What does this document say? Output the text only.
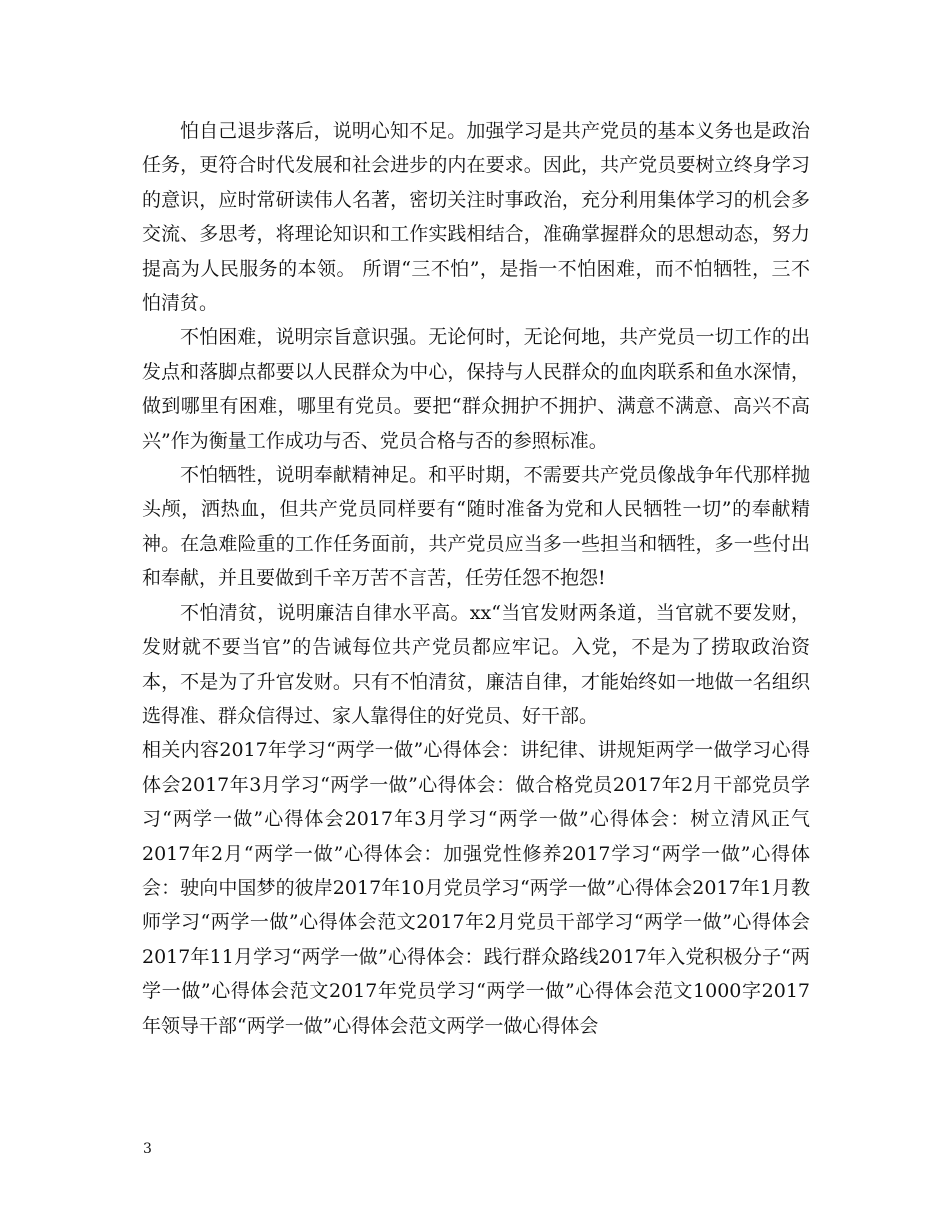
怕自己退步落后，说明心知不足。加强学习是共产党员的基本义务也是政治任务，更符合时代发展和社会进步的内在要求。因此，共产党员要树立终身学习的意识，应时常研读伟人名著，密切关注时事政治，充分利用集体学习的机会多交流、多思考，将理论知识和工作实践相结合，准确掌握群众的思想动态，努力提高为人民服务的本领。 所谓“三不怕”，是指一不怕困难，而不怕牺牲，三不怕清贫。

不怕困难，说明宗旨意识强。无论何时，无论何地，共产党员一切工作的出发点和落脚点都要以人民群众为中心，保持与人民群众的血肉联系和鱼水深情，做到哪里有困难，哪里有党员。要把“群众拥护不拥护、满意不满意、高兴不高兴”作为衡量工作成功与否、党员合格与否的参照标准。

不怕牺牲，说明奉献精神足。和平时期，不需要共产党员像战争年代那样抛头颅，洒热血，但共产党员同样要有“随时准备为党和人民牺牲一切”的奉献精神。在急难险重的工作任务面前，共产党员应当多一些担当和牺牲，多一些付出和奉献，并且要做到千辛万苦不言苦，任劳任怨不抱怨!

不怕清贫，说明廉洁自律水平高。xx“当官发财两条道，当官就不要发财，发财就不要当官”的告诫每位共产党员都应牢记。入党，不是为了捞取政治资本，不是为了升官发财。只有不怕清贫，廉洁自律，才能始终如一地做一名组织选得准、群众信得过、家人靠得住的好党员、好干部。

相关内容2017年学习“两学一做”心得体会：讲纪律、讲规矩两学一做学习心得体会2017年3月学习“两学一做”心得体会：做合格党员2017年2月干部党员学习“两学一做”心得体会2017年3月学习“两学一做”心得体会：树立清风正气2017年2月“两学一做”心得体会：加强党性修养2017学习“两学一做”心得体会：驶向中国梦的彼岸2017年10月党员学习“两学一做”心得体会2017年1月教师学习“两学一做”心得体会范文2017年2月党员干部学习“两学一做”心得体会2017年11月学习“两学一做”心得体会：践行群众路线2017年入党积极分子“两学一做”心得体会范文2017年党员学习“两学一做”心得体会范文1000字2017年领导干部“两学一做”心得体会范文两学一做心得体会

3
